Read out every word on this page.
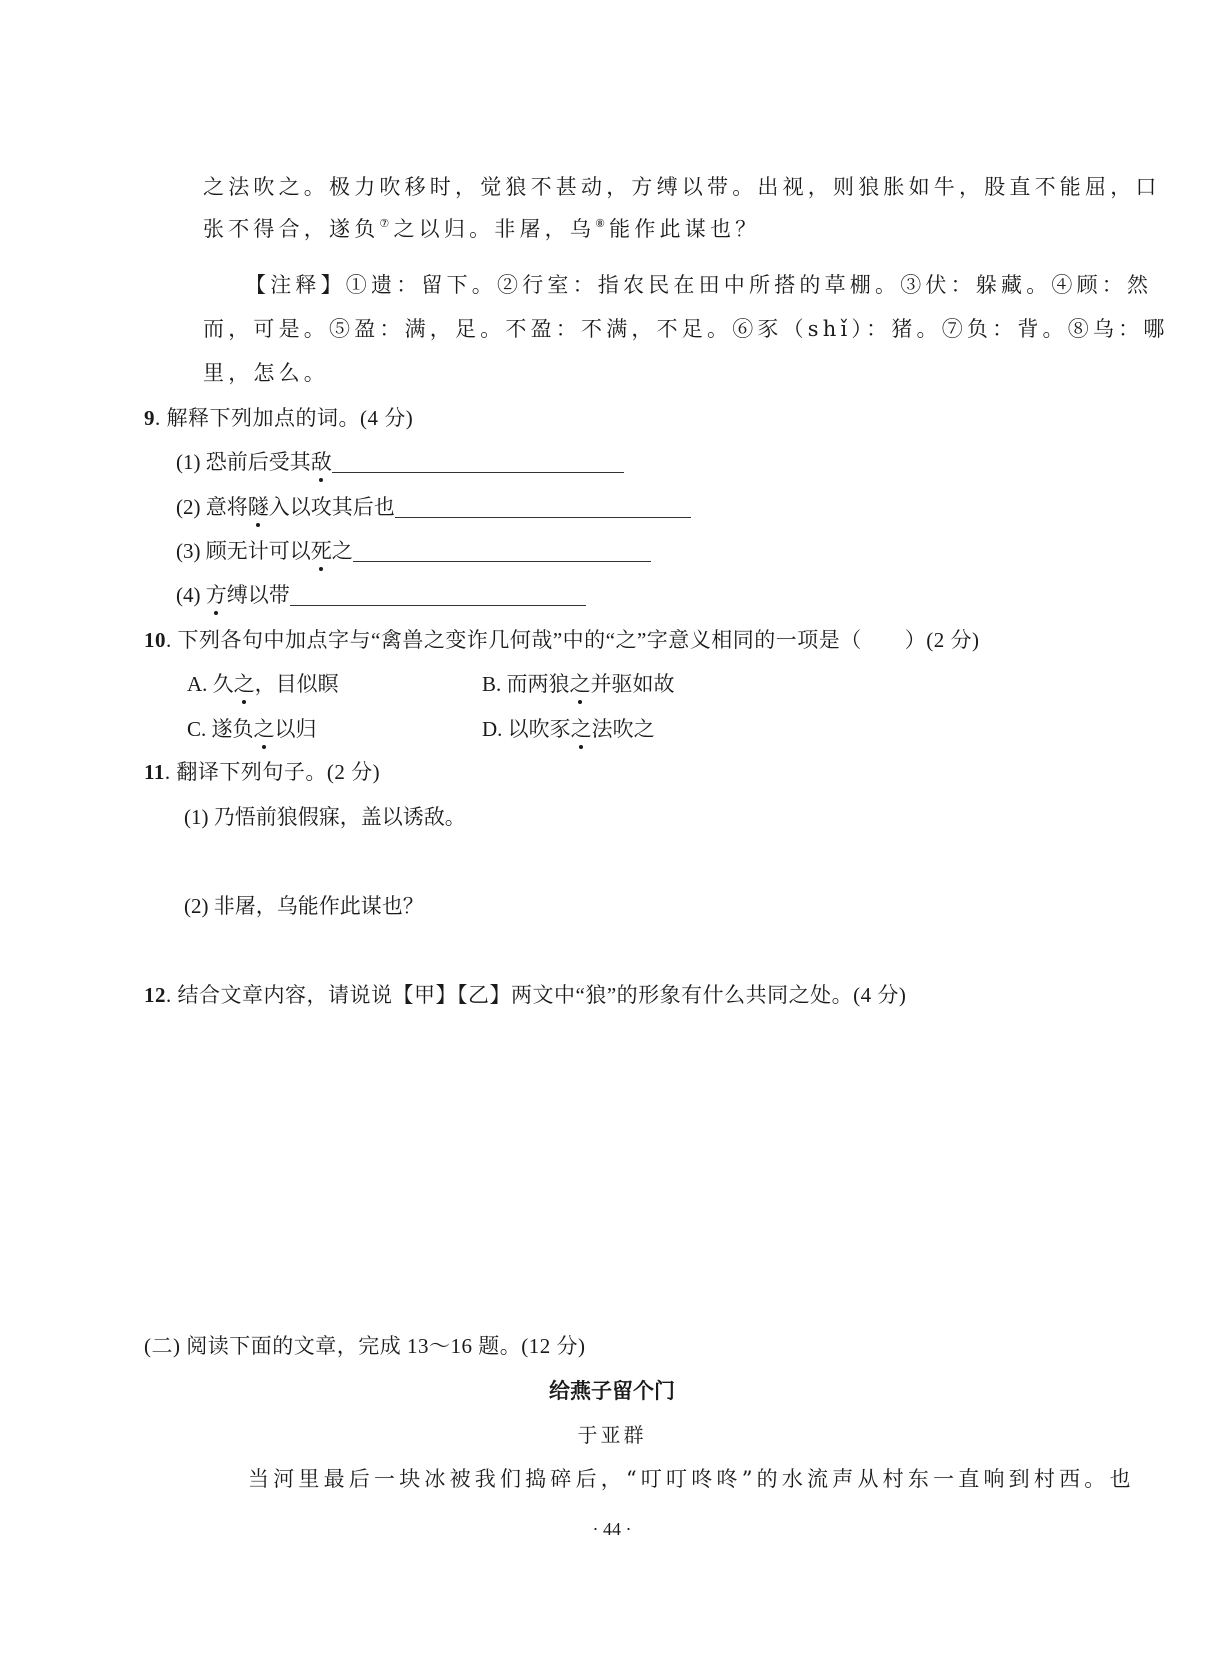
之法吹之。极力吹移时，觉狼不甚动，方缚以带。出视，则狼胀如牛，股直不能屈，口
张不得合，遂负⑦之以归。非屠，乌⑧能作此谋也？
【注释】①遗：留下。②行室：指农民在田中所搭的草棚。③伏：躲藏。④顾：然
而，可是。⑤盈：满，足。不盈：不满，不足。⑥豕（shǐ）：猪。⑦负：背。⑧乌：哪
里，怎么。
9. 解释下列加点的词。(4 分)
(1) 恐前后受其敌
(2) 意将隧入以攻其后也
(3) 顾无计可以死之
(4) 方缚以带
10. 下列各句中加点字与“禽兽之变诈几何哉”中的“之”字意义相同的一项是（　　）(2 分)
A. 久之，目似瞑	B. 而两狼之并驱如故
C. 遂负之以归	D. 以吹豕之法吹之
11. 翻译下列句子。(2 分)
(1) 乃悟前狼假寐，盖以诱敌。
(2) 非屠，乌能作此谋也？
12. 结合文章内容，请说说【甲】【乙】两文中“狼”的形象有什么共同之处。(4 分)
(二) 阅读下面的文章，完成 13～16 题。(12 分)
给燕子留个门
于亚群
当河里最后一块冰被我们捣碎后，“叮叮咚咚”的水流声从村东一直响到村西。也
· 44 ·
